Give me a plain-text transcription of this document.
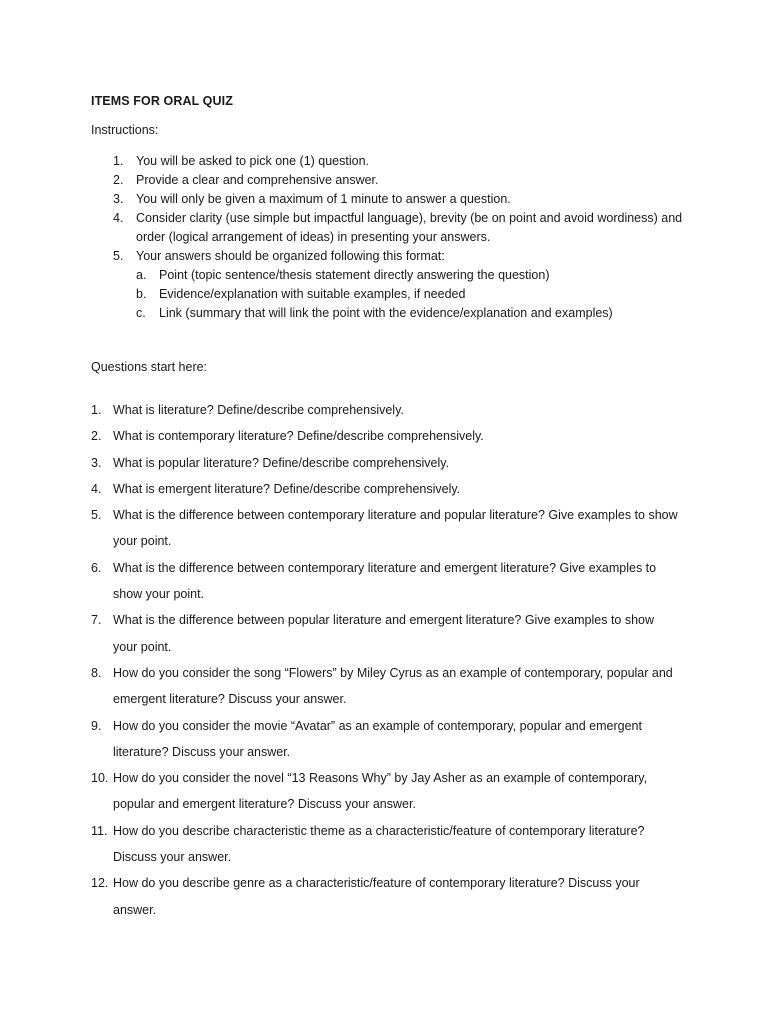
ITEMS FOR ORAL QUIZ
Instructions:
1. You will be asked to pick one (1) question.
2. Provide a clear and comprehensive answer.
3. You will only be given a maximum of 1 minute to answer a question.
4. Consider clarity (use simple but impactful language), brevity (be on point and avoid wordiness) and order (logical arrangement of ideas) in presenting your answers.
5. Your answers should be organized following this format:
a. Point (topic sentence/thesis statement directly answering the question)
b. Evidence/explanation with suitable examples, if needed
c. Link (summary that will link the point with the evidence/explanation and examples)
Questions start here:
1. What is literature? Define/describe comprehensively.
2. What is contemporary literature? Define/describe comprehensively.
3. What is popular literature? Define/describe comprehensively.
4. What is emergent literature? Define/describe comprehensively.
5. What is the difference between contemporary literature and popular literature? Give examples to show your point.
6. What is the difference between contemporary literature and emergent literature? Give examples to show your point.
7. What is the difference between popular literature and emergent literature? Give examples to show your point.
8. How do you consider the song “Flowers” by Miley Cyrus as an example of contemporary, popular and emergent literature? Discuss your answer.
9. How do you consider the movie “Avatar” as an example of contemporary, popular and emergent literature? Discuss your answer.
10. How do you consider the novel “13 Reasons Why” by Jay Asher as an example of contemporary, popular and emergent literature? Discuss your answer.
11. How do you describe characteristic theme as a characteristic/feature of contemporary literature? Discuss your answer.
12. How do you describe genre as a characteristic/feature of contemporary literature? Discuss your answer.
